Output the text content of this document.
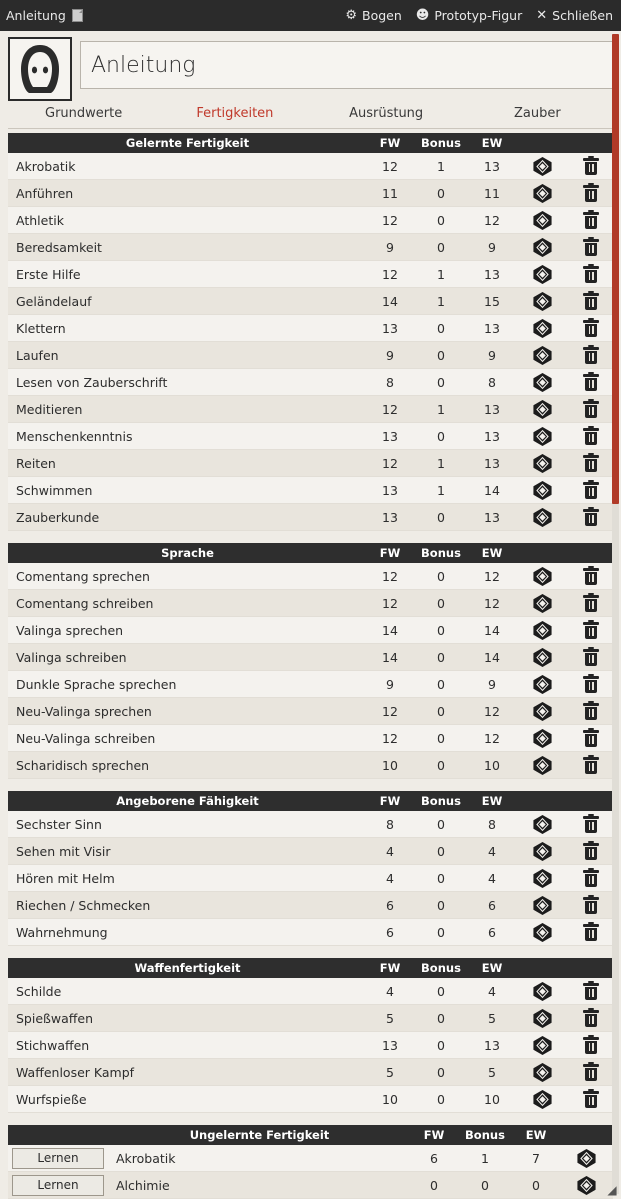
Anleitung	⚙ Bogen ☻ Prototyp-Figur ✕ Schließen
Anleitung
Grundwerte	Fertigkeiten	Ausrüstung	Zauber
Gelernte Fertigkeit	FW	Bonus	EW
Akrobatik	12	1	13
Anführen	11	0	11
Athletik	12	0	12
Beredsamkeit	9	0	9
Erste Hilfe	12	1	13
Geländelauf	14	1	15
Klettern	13	0	13
Laufen	9	0	9
Lesen von Zauberschrift	8	0	8
Meditieren	12	1	13
Menschenkenntnis	13	0	13
Reiten	12	1	13
Schwimmen	13	1	14
Zauberkunde	13	0	13
Sprache	FW	Bonus	EW
Comentang sprechen	12	0	12
Comentang schreiben	12	0	12
Valinga sprechen	14	0	14
Valinga schreiben	14	0	14
Dunkle Sprache sprechen	9	0	9
Neu-Valinga sprechen	12	0	12
Neu-Valinga schreiben	12	0	12
Scharidisch sprechen	10	0	10
Angeborene Fähigkeit	FW	Bonus	EW
Sechster Sinn	8	0	8
Sehen mit Visir	4	0	4
Hören mit Helm	4	0	4
Riechen / Schmecken	6	0	6
Wahrnehmung	6	0	6
Waffenfertigkeit	FW	Bonus	EW
Schilde	4	0	4
Spießwaffen	5	0	5
Stichwaffen	13	0	13
Waffenloser Kampf	5	0	5
Wurfspieße	10	0	10
Ungelernte Fertigkeit	FW	Bonus	EW
Lernen	Akrobatik	6	1	7
Lernen	Alchimie	0	0	0	◢
